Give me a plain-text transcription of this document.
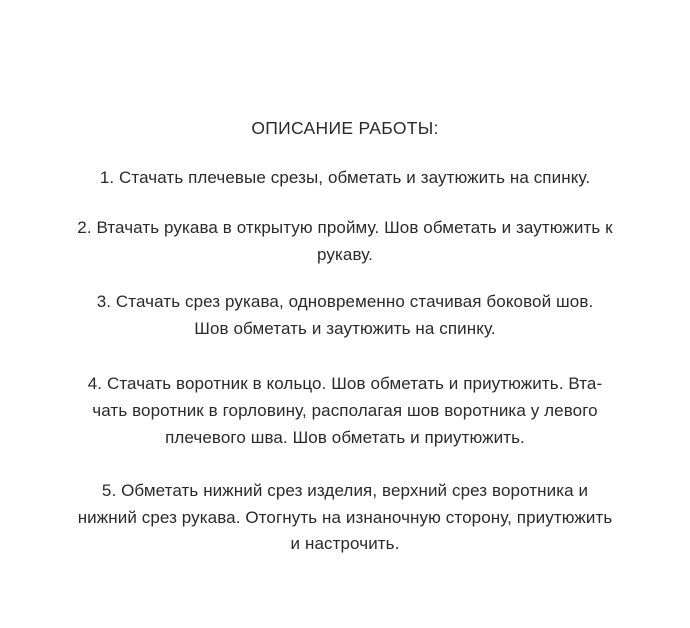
ОПИСАНИЕ РАБОТЫ:
1. Стачать плечевые срезы, обметать и заутюжить на спинку.
2. Втачать рукава в открытую пройму. Шов обметать и заутюжить к
рукаву.
3. Стачать срез рукава, одновременно стачивая боковой шов.
Шов обметать и заутюжить на спинку.
4. Стачать воротник в кольцо. Шов обметать и приутюжить. Вта-
чать воротник в горловину, располагая шов воротника у левого
плечевого шва. Шов обметать и приутюжить.
5. Обметать нижний срез изделия, верхний срез воротника и
нижний срез рукава. Отогнуть на изнаночную сторону, приутюжить
и настрочить.
